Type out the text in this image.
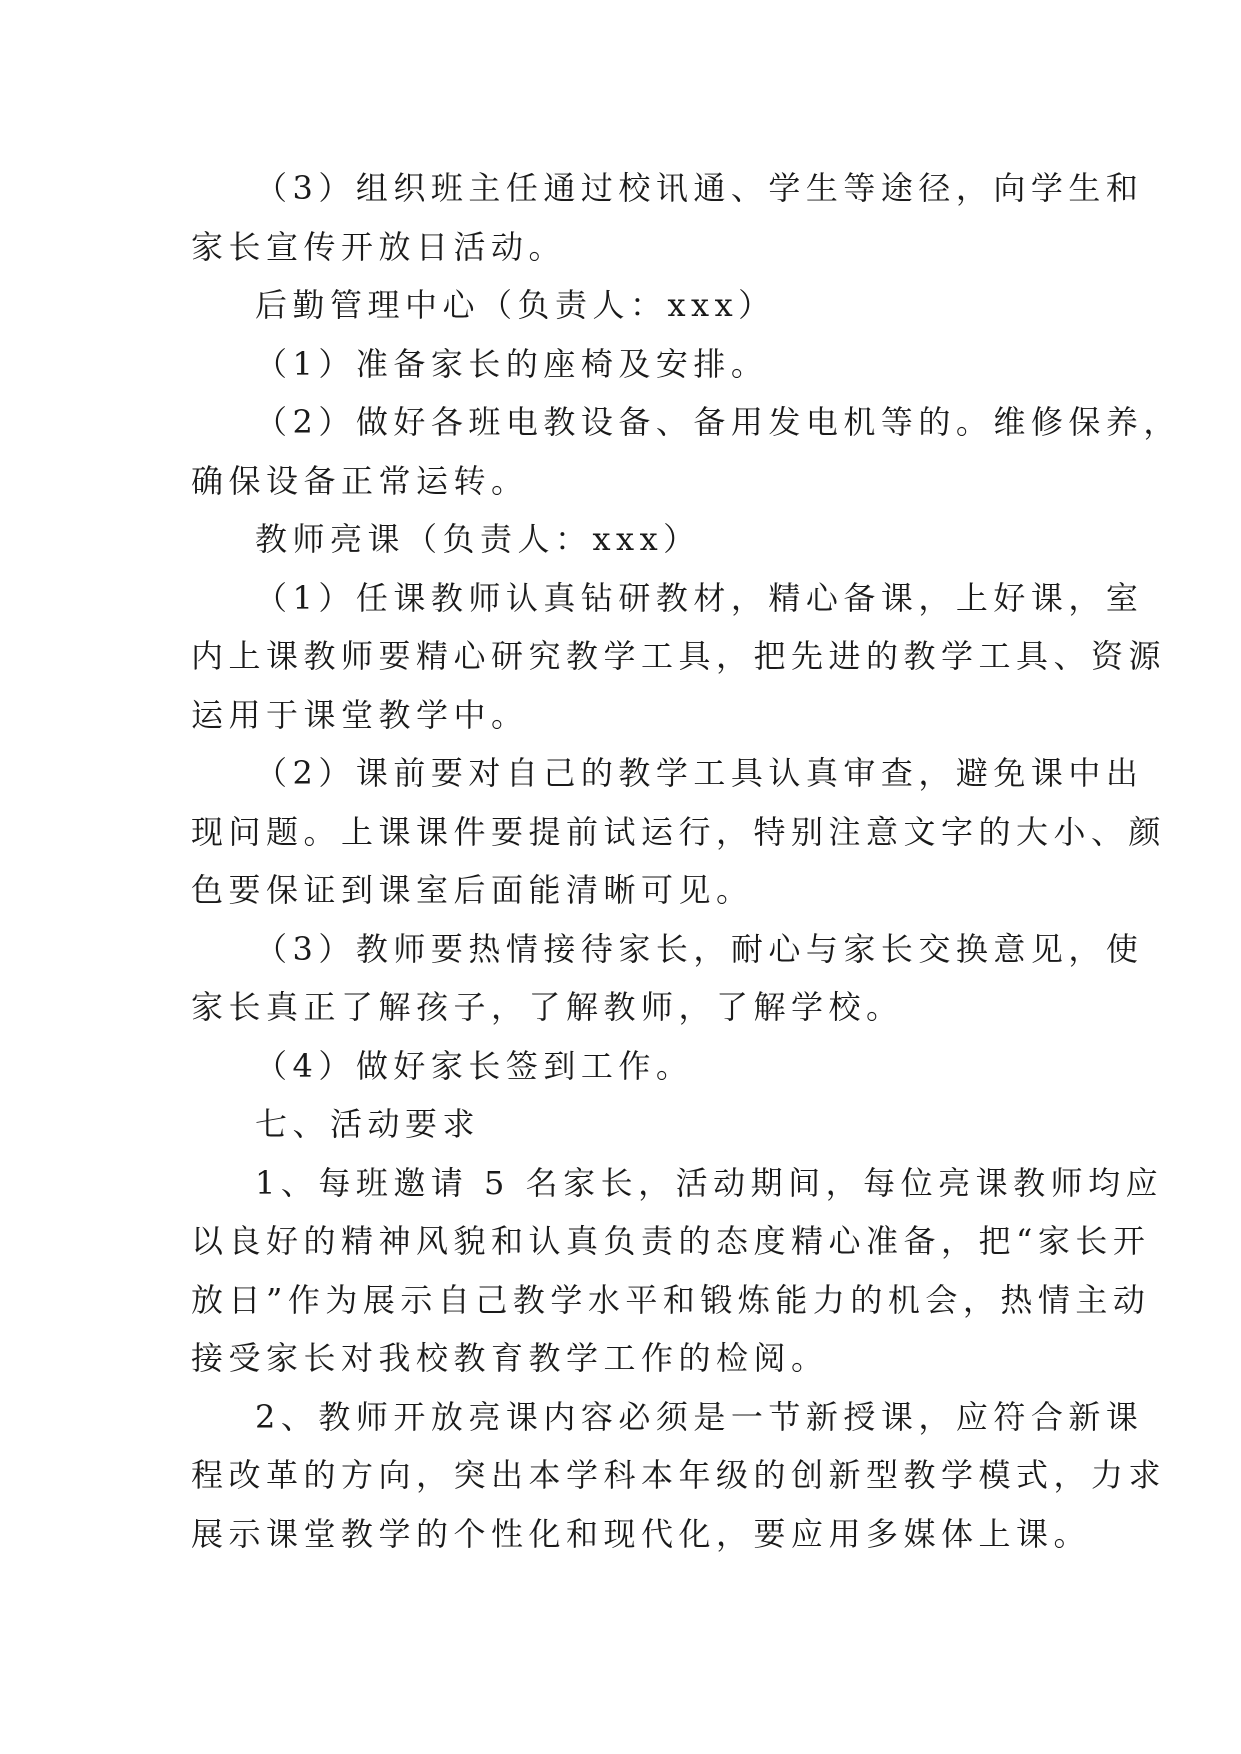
（3）组织班主任通过校讯通、学生等途径，向学生和
家长宣传开放日活动。
后勤管理中心（负责人：xxx）
（1）准备家长的座椅及安排。
（2）做好各班电教设备、备用发电机等的。维修保养，
确保设备正常运转。
教师亮课（负责人：xxx）
（1）任课教师认真钻研教材，精心备课，上好课，室
内上课教师要精心研究教学工具，把先进的教学工具、资源
运用于课堂教学中。
（2）课前要对自己的教学工具认真审查，避免课中出
现问题。上课课件要提前试运行，特别注意文字的大小、颜
色要保证到课室后面能清晰可见。
（3）教师要热情接待家长，耐心与家长交换意见，使
家长真正了解孩子，了解教师，了解学校。
（4）做好家长签到工作。
七、活动要求
1、每班邀请 5 名家长，活动期间，每位亮课教师均应
以良好的精神风貌和认真负责的态度精心准备，把“家长开
放日”作为展示自己教学水平和锻炼能力的机会，热情主动
接受家长对我校教育教学工作的检阅。
2、教师开放亮课内容必须是一节新授课，应符合新课
程改革的方向，突出本学科本年级的创新型教学模式，力求
展示课堂教学的个性化和现代化，要应用多媒体上课。
